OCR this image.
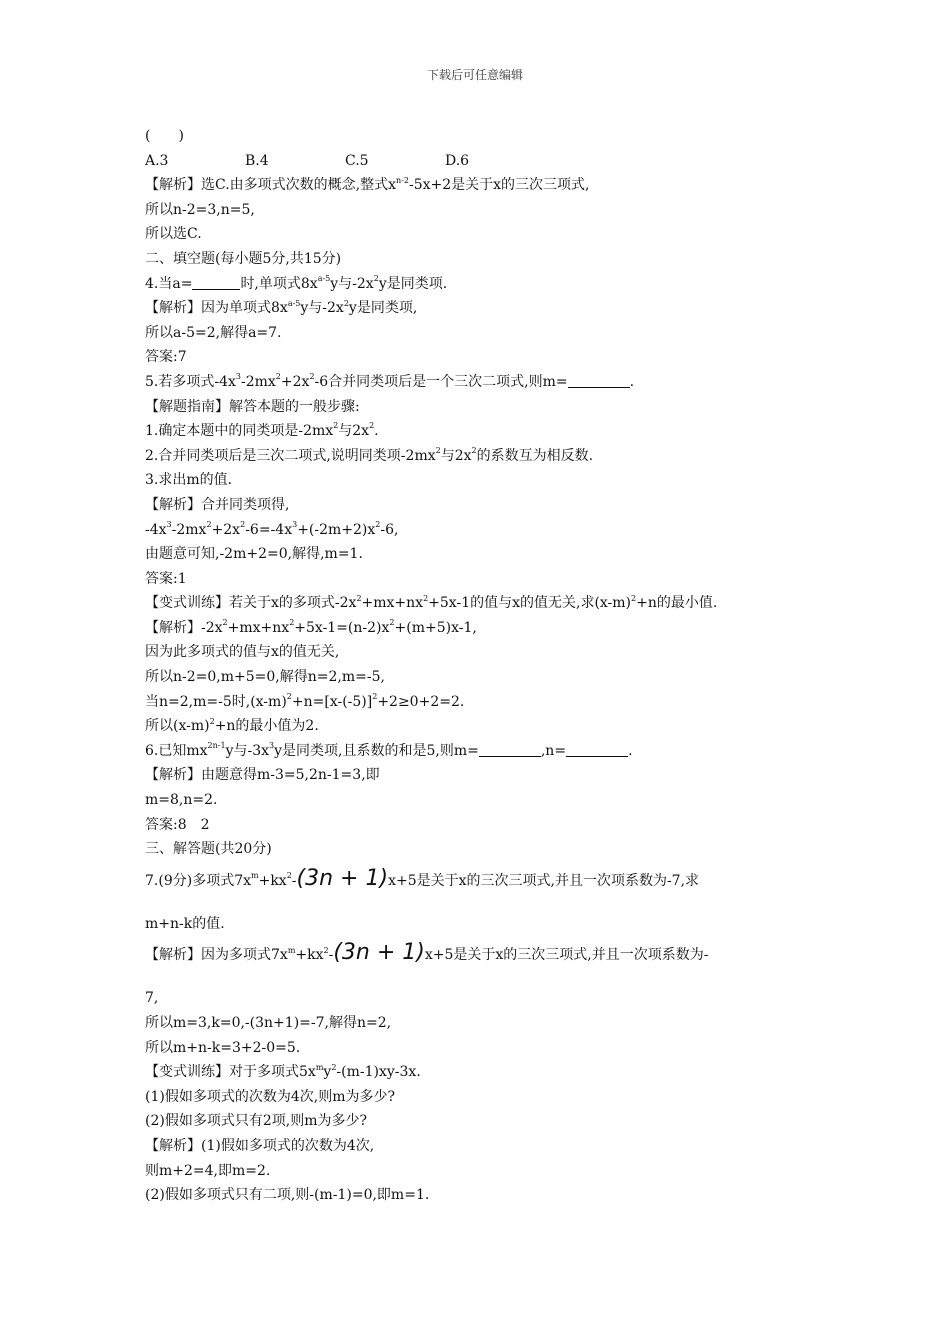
下载后可任意编辑
(　　)
A.3	B.4	C.5	D.6
【解析】选C.由多项式次数的概念,整式$x^{n-2}-5x+2$是关于x的三次三项式,
所以n-2=3,n=5,
所以选C.
二、填空题(每小题5分,共15分)
4.当a=	时,单项式$8x^{a-5}y$与$-2x^2y$是同类项.
【解析】因为单项式$8x^{a-5}y$与$-2x^2y$是同类项,
所以a-5=2,解得a=7.
答案:7
5.若多项式$-4x^3-2mx^2+2x^2-6$合并同类项后是一个三次二项式,则m=	.
【解题指南】解答本题的一般步骤:
1.确定本题中的同类项是$-2mx^2$与$2x^2$.
2.合并同类项后是三次二项式,说明同类项$-2mx^2$与$2x^2$的系数互为相反数.
3.求出m的值.
【解析】合并同类项得,
$-4x^3-2mx^2+2x^2-6=-4x^3+(-2m+2)x^2-6$,
由题意可知,-2m+2=0,解得,m=1.
答案:1
【变式训练】若关于x的多项式$-2x^2+mx+nx^2+5x-1$的值与x的值无关,求$(x-m)^2+n$的最小值.
【解析】$-2x^2+mx+nx^2+5x-1=(n-2)x^2+(m+5)x-1$,
因为此多项式的值与x的值无关,
所以n-2=0,m+5=0,解得n=2,m=-5,
当n=2,m=-5时$,(x-m)^2+n=[x-(-5)]^2+2\ge 0+2=2$.
所以$(x-m)^2+n$的最小值为2.
6.已知$mx^{2n-1}y$与$-3x^3y$是同类项,且系数的和是5,则m=	,n=	.
【解析】由题意得m-3=5,2n-1=3,即
m=8,n=2.
答案:8　2
三、解答题(共20分)
7.(9分)多项式$7x^m+kx^2-(3n + 1)x+5$是关于x的三次三项式,并且一次项系数为-7,求
m+n-k的值.
【解析】因为多项式$7x^m+kx^2-(3n + 1)x+5$是关于x的三次三项式,并且一次项系数为-
7,
所以m=3,k=0,-(3n+1)=-7,解得n=2,
所以m+n-k=3+2-0=5.
【变式训练】对于多项式$5x^my^2-(m-1)xy-3x$.
(1)假如多项式的次数为4次,则m为多少?
(2)假如多项式只有2项,则m为多少?
【解析】(1)假如多项式的次数为4次,
则m+2=4,即m=2.
(2)假如多项式只有二项,则-(m-1)=0,即m=1.
